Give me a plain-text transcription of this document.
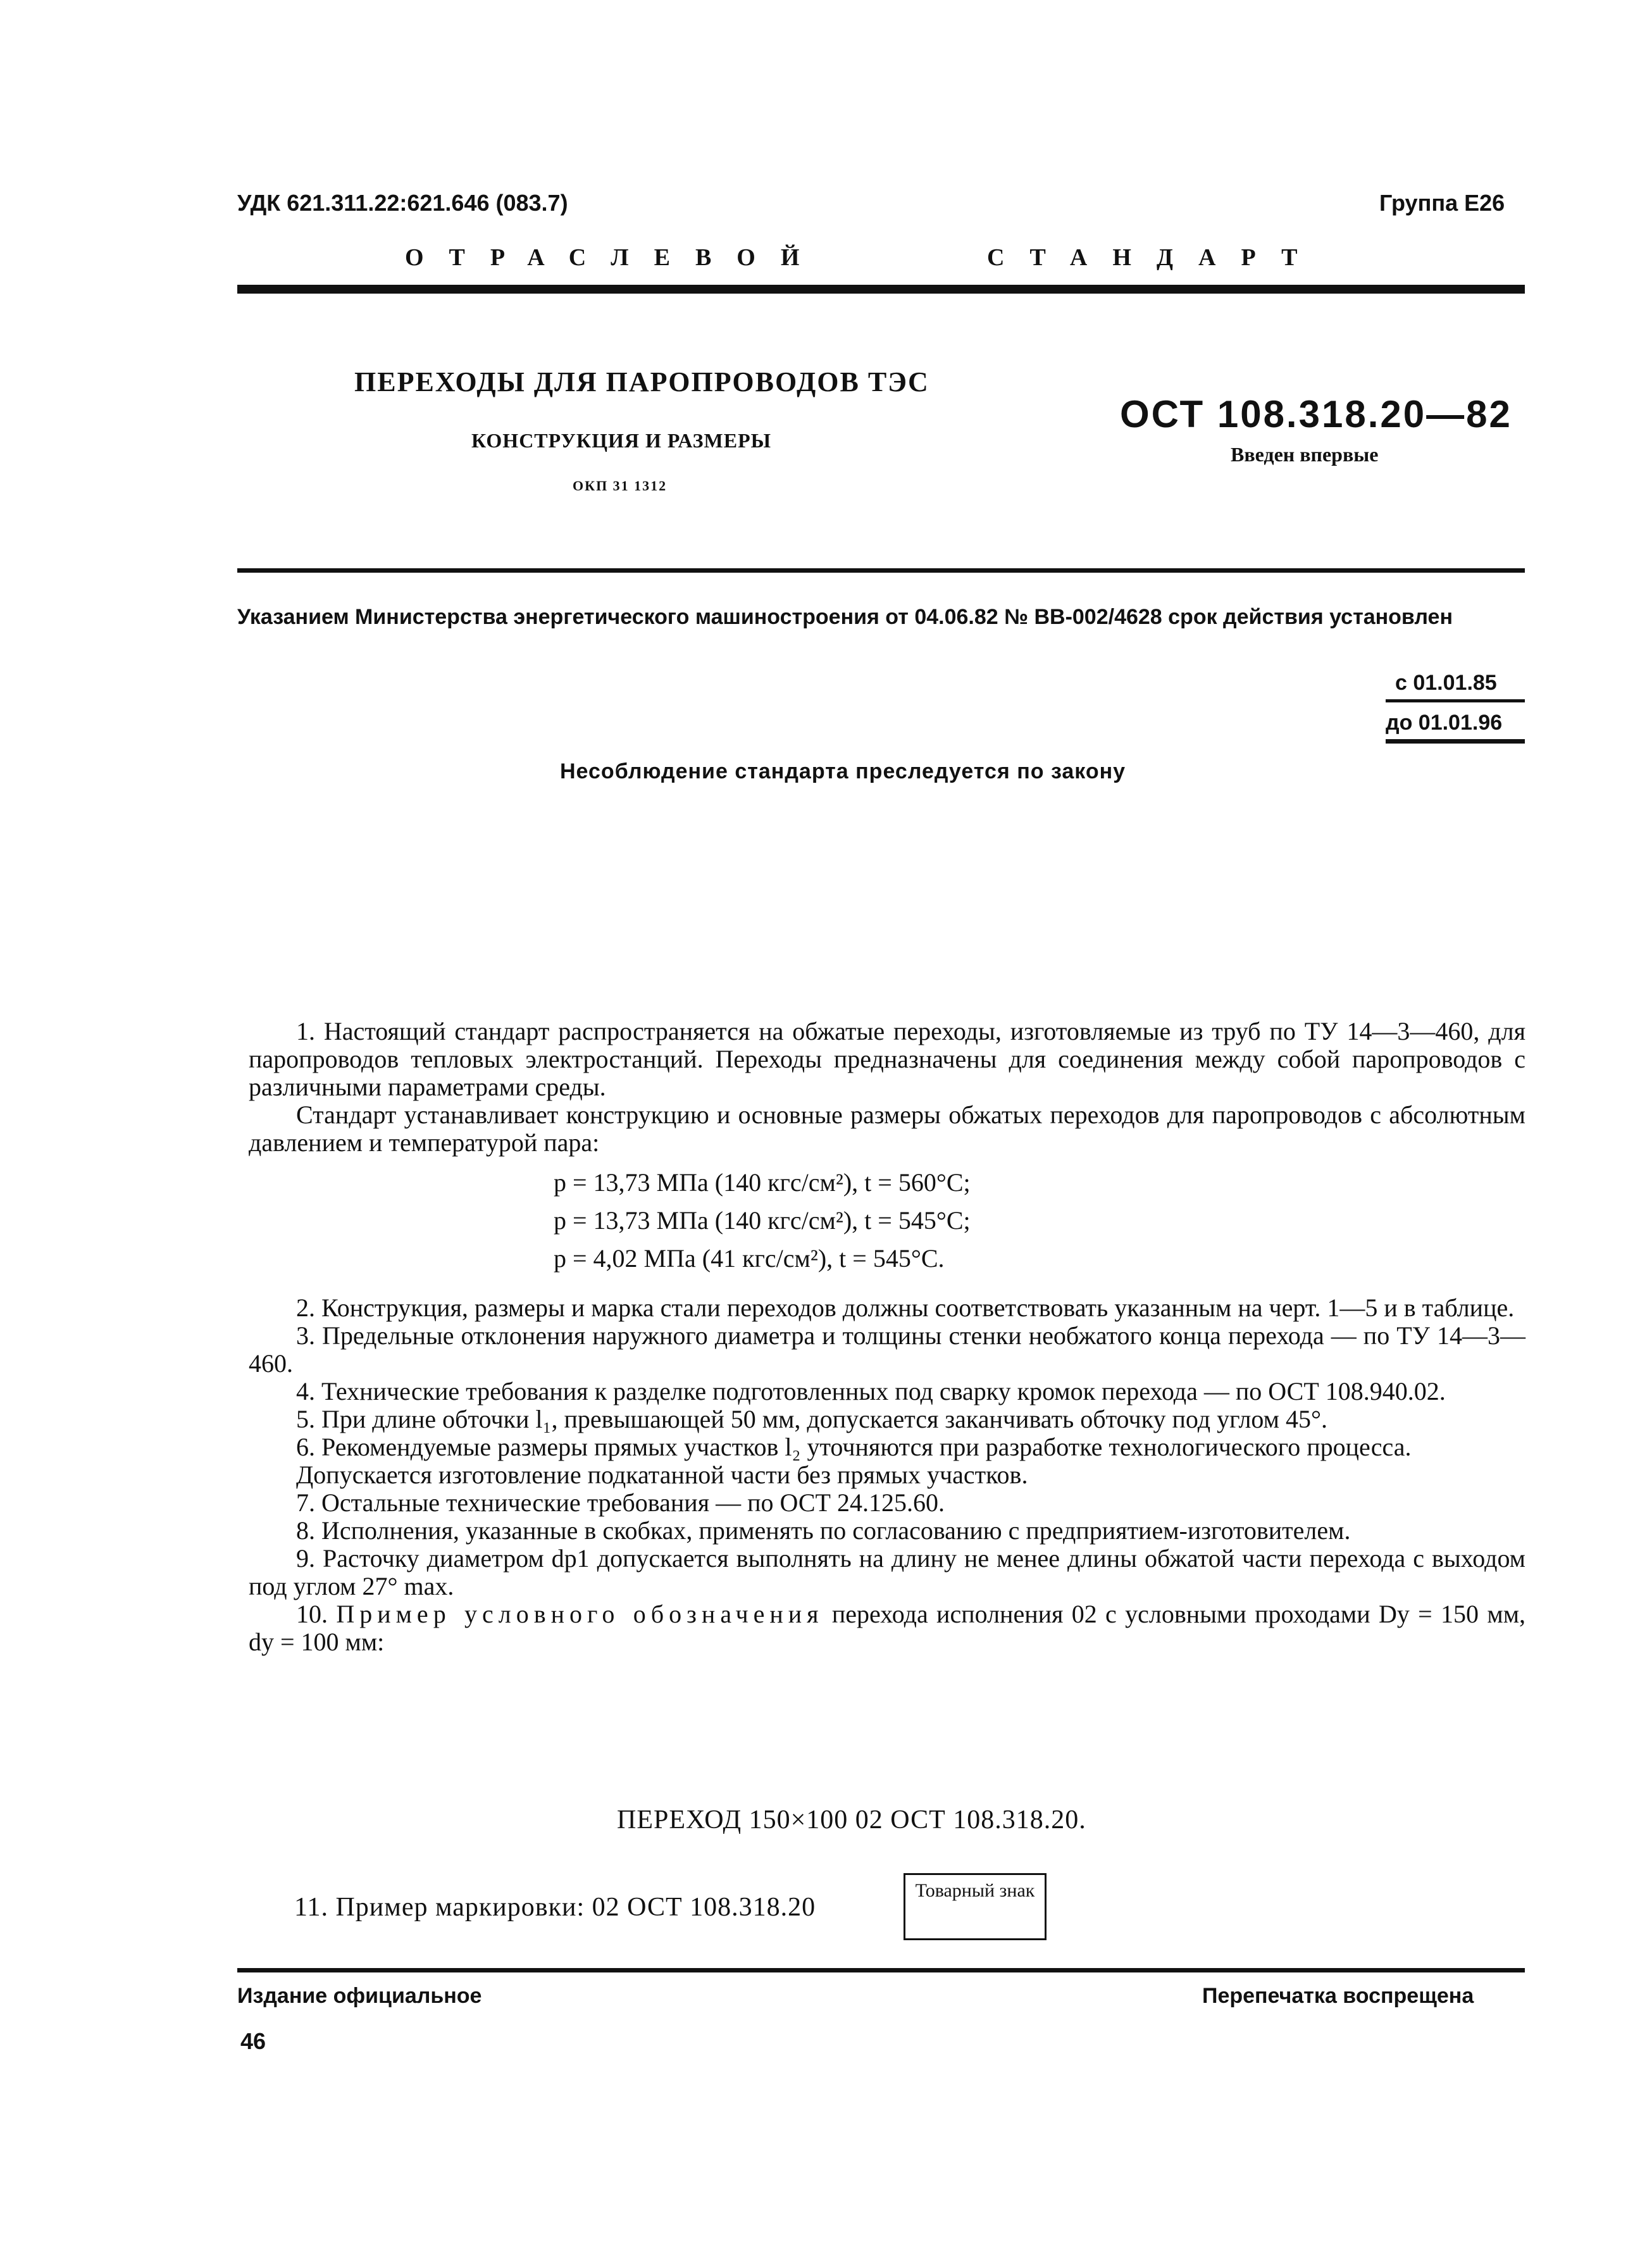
УДК 621.311.22:621.646 (083.7)	Группа Е26
ОТРАСЛЕВОЙ	СТАНДАРТ
ПЕРЕХОДЫ ДЛЯ ПАРОПРОВОДОВ ТЭС
КОНСТРУКЦИЯ И РАЗМЕРЫ
ОКП 31 1312
ОСТ 108.318.20—82
Введен впервые
Указанием Министерства энергетического машиностроения от 04.06.82 № ВВ-002/4628 срок действия установлен
с 01.01.85
до 01.01.96
Несоблюдение стандарта преследуется по закону

1. Настоящий стандарт распространяется на обжатые переходы, изготовляемые из труб по ТУ 14—3—460, для паропроводов тепловых электростанций. Переходы предназначены для соединения между собой паропроводов с различными параметрами среды.

Стандарт устанавливает конструкцию и основные размеры обжатых переходов для паропроводов с абсолютным давлением и температурой пара:

p = 13,73 МПа (140 кгс/см²), t = 560°С;
p = 13,73 МПа (140 кгс/см²), t = 545°С;
p = 4,02 МПа (41 кгс/см²), t = 545°С.

2. Конструкция, размеры и марка стали переходов должны соответствовать указанным на черт. 1—5 и в таблице.

3. Предельные отклонения наружного диаметра и толщины стенки необжатого конца перехода — по ТУ 14—3—460.

4. Технические требования к разделке подготовленных под сварку кромок перехода — по ОСТ 108.940.02.

5. При длине обточки l₁, превышающей 50 мм, допускается заканчивать обточку под углом 45°.

6. Рекомендуемые размеры прямых участков l₂ уточняются при разработке технологического процесса.

Допускается изготовление подкатанной части без прямых участков.

7. Остальные технические требования — по ОСТ 24.125.60.

8. Исполнения, указанные в скобках, применять по согласованию с предприятием-изготовителем.

9. Расточку диаметром dр1 допускается выполнять на длину не менее длины обжатой части перехода с выходом под углом 27° max.

10. Пример условного обозначения перехода исполнения 02 с условными проходами Dу = 150 мм, dу = 100 мм:

ПЕРЕХОД 150×100 02 ОСТ 108.318.20.
11. Пример маркировки: 02 ОСТ 108.318.20
Товарный знак
Издание официальное	Перепечатка воспрещена
46
